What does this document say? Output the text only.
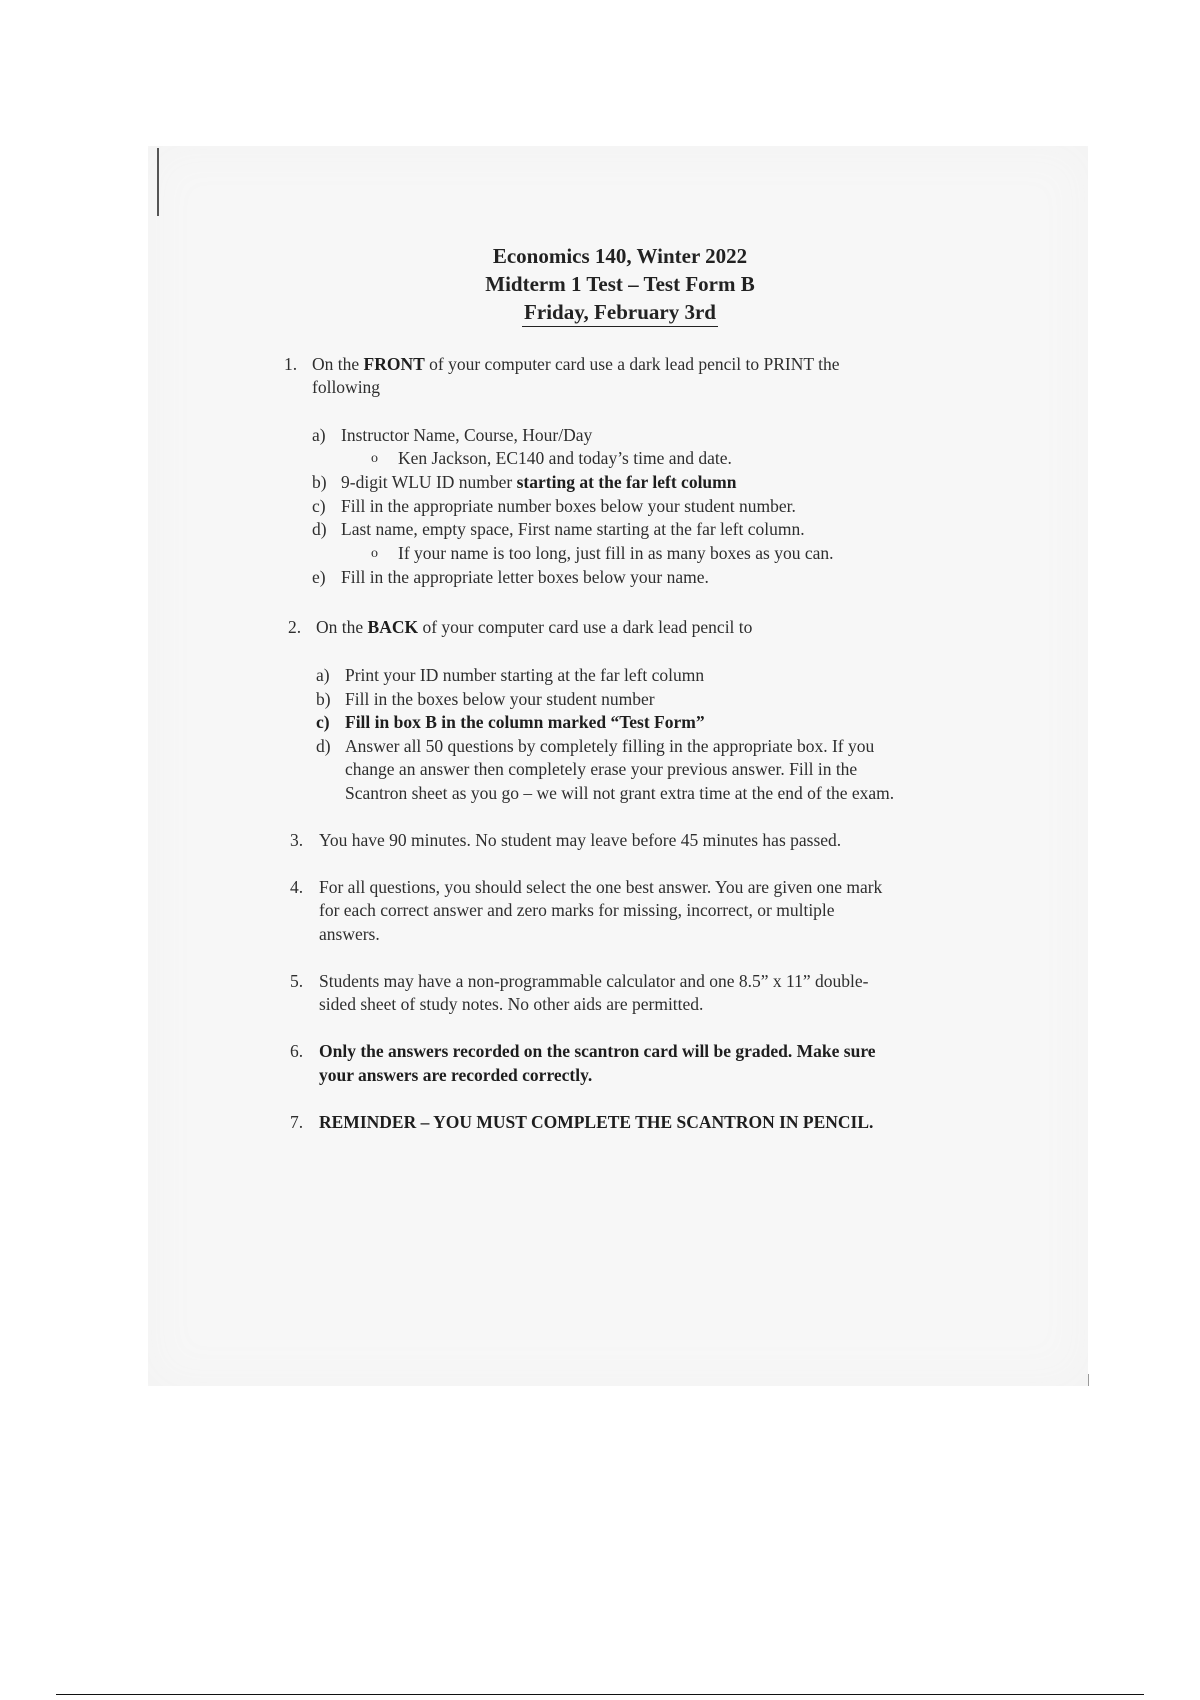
Economics 140, Winter 2022
Midterm 1 Test – Test Form B
Friday, February 3rd
1. On the FRONT of your computer card use a dark lead pencil to PRINT the
following
a) Instructor Name, Course, Hour/Day
o Ken Jackson, EC140 and today’s time and date.
b) 9-digit WLU ID number starting at the far left column
c) Fill in the appropriate number boxes below your student number.
d) Last name, empty space, First name starting at the far left column.
o If your name is too long, just fill in as many boxes as you can.
e) Fill in the appropriate letter boxes below your name.
2. On the BACK of your computer card use a dark lead pencil to
a) Print your ID number starting at the far left column
b) Fill in the boxes below your student number
c) Fill in box B in the column marked “Test Form”
d) Answer all 50 questions by completely filling in the appropriate box. If you
change an answer then completely erase your previous answer. Fill in the
Scantron sheet as you go – we will not grant extra time at the end of the exam.
3. You have 90 minutes. No student may leave before 45 minutes has passed.
4. For all questions, you should select the one best answer. You are given one mark
for each correct answer and zero marks for missing, incorrect, or multiple
answers.
5. Students may have a non-programmable calculator and one 8.5” x 11” double-
sided sheet of study notes. No other aids are permitted.
6. Only the answers recorded on the scantron card will be graded. Make sure
your answers are recorded correctly.
7. REMINDER – YOU MUST COMPLETE THE SCANTRON IN PENCIL.
